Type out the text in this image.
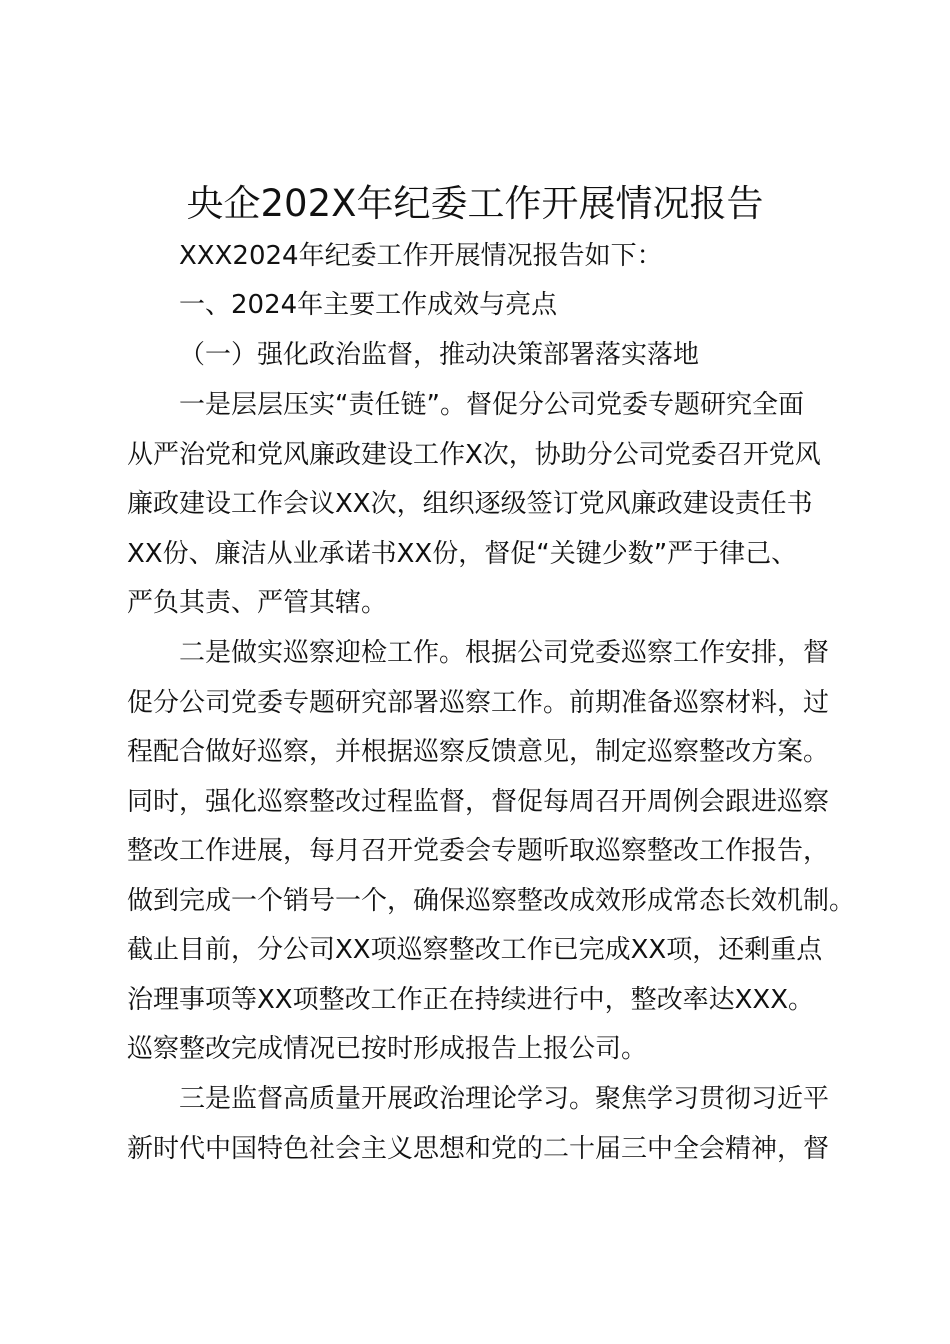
央企202X年纪委工作开展情况报告
XXX2024年纪委工作开展情况报告如下：
一、2024年主要工作成效与亮点
（一）强化政治监督，推动决策部署落实落地
一是层层压实“责任链”。督促分公司党委专题研究全面
从严治党和党风廉政建设工作X次，协助分公司党委召开党风
廉政建设工作会议XX次，组织逐级签订党风廉政建设责任书
XX份、廉洁从业承诺书XX份，督促“关键少数”严于律己、
严负其责、严管其辖。
二是做实巡察迎检工作。根据公司党委巡察工作安排，督
促分公司党委专题研究部署巡察工作。前期准备巡察材料，过
程配合做好巡察，并根据巡察反馈意见，制定巡察整改方案。
同时，强化巡察整改过程监督，督促每周召开周例会跟进巡察
整改工作进展，每月召开党委会专题听取巡察整改工作报告，
做到完成一个销号一个，确保巡察整改成效形成常态长效机制。
截止目前，分公司XX项巡察整改工作已完成XX项，还剩重点
治理事项等XX项整改工作正在持续进行中，整改率达XXX。
巡察整改完成情况已按时形成报告上报公司。
三是监督高质量开展政治理论学习。聚焦学习贯彻习近平
新时代中国特色社会主义思想和党的二十届三中全会精神，督
